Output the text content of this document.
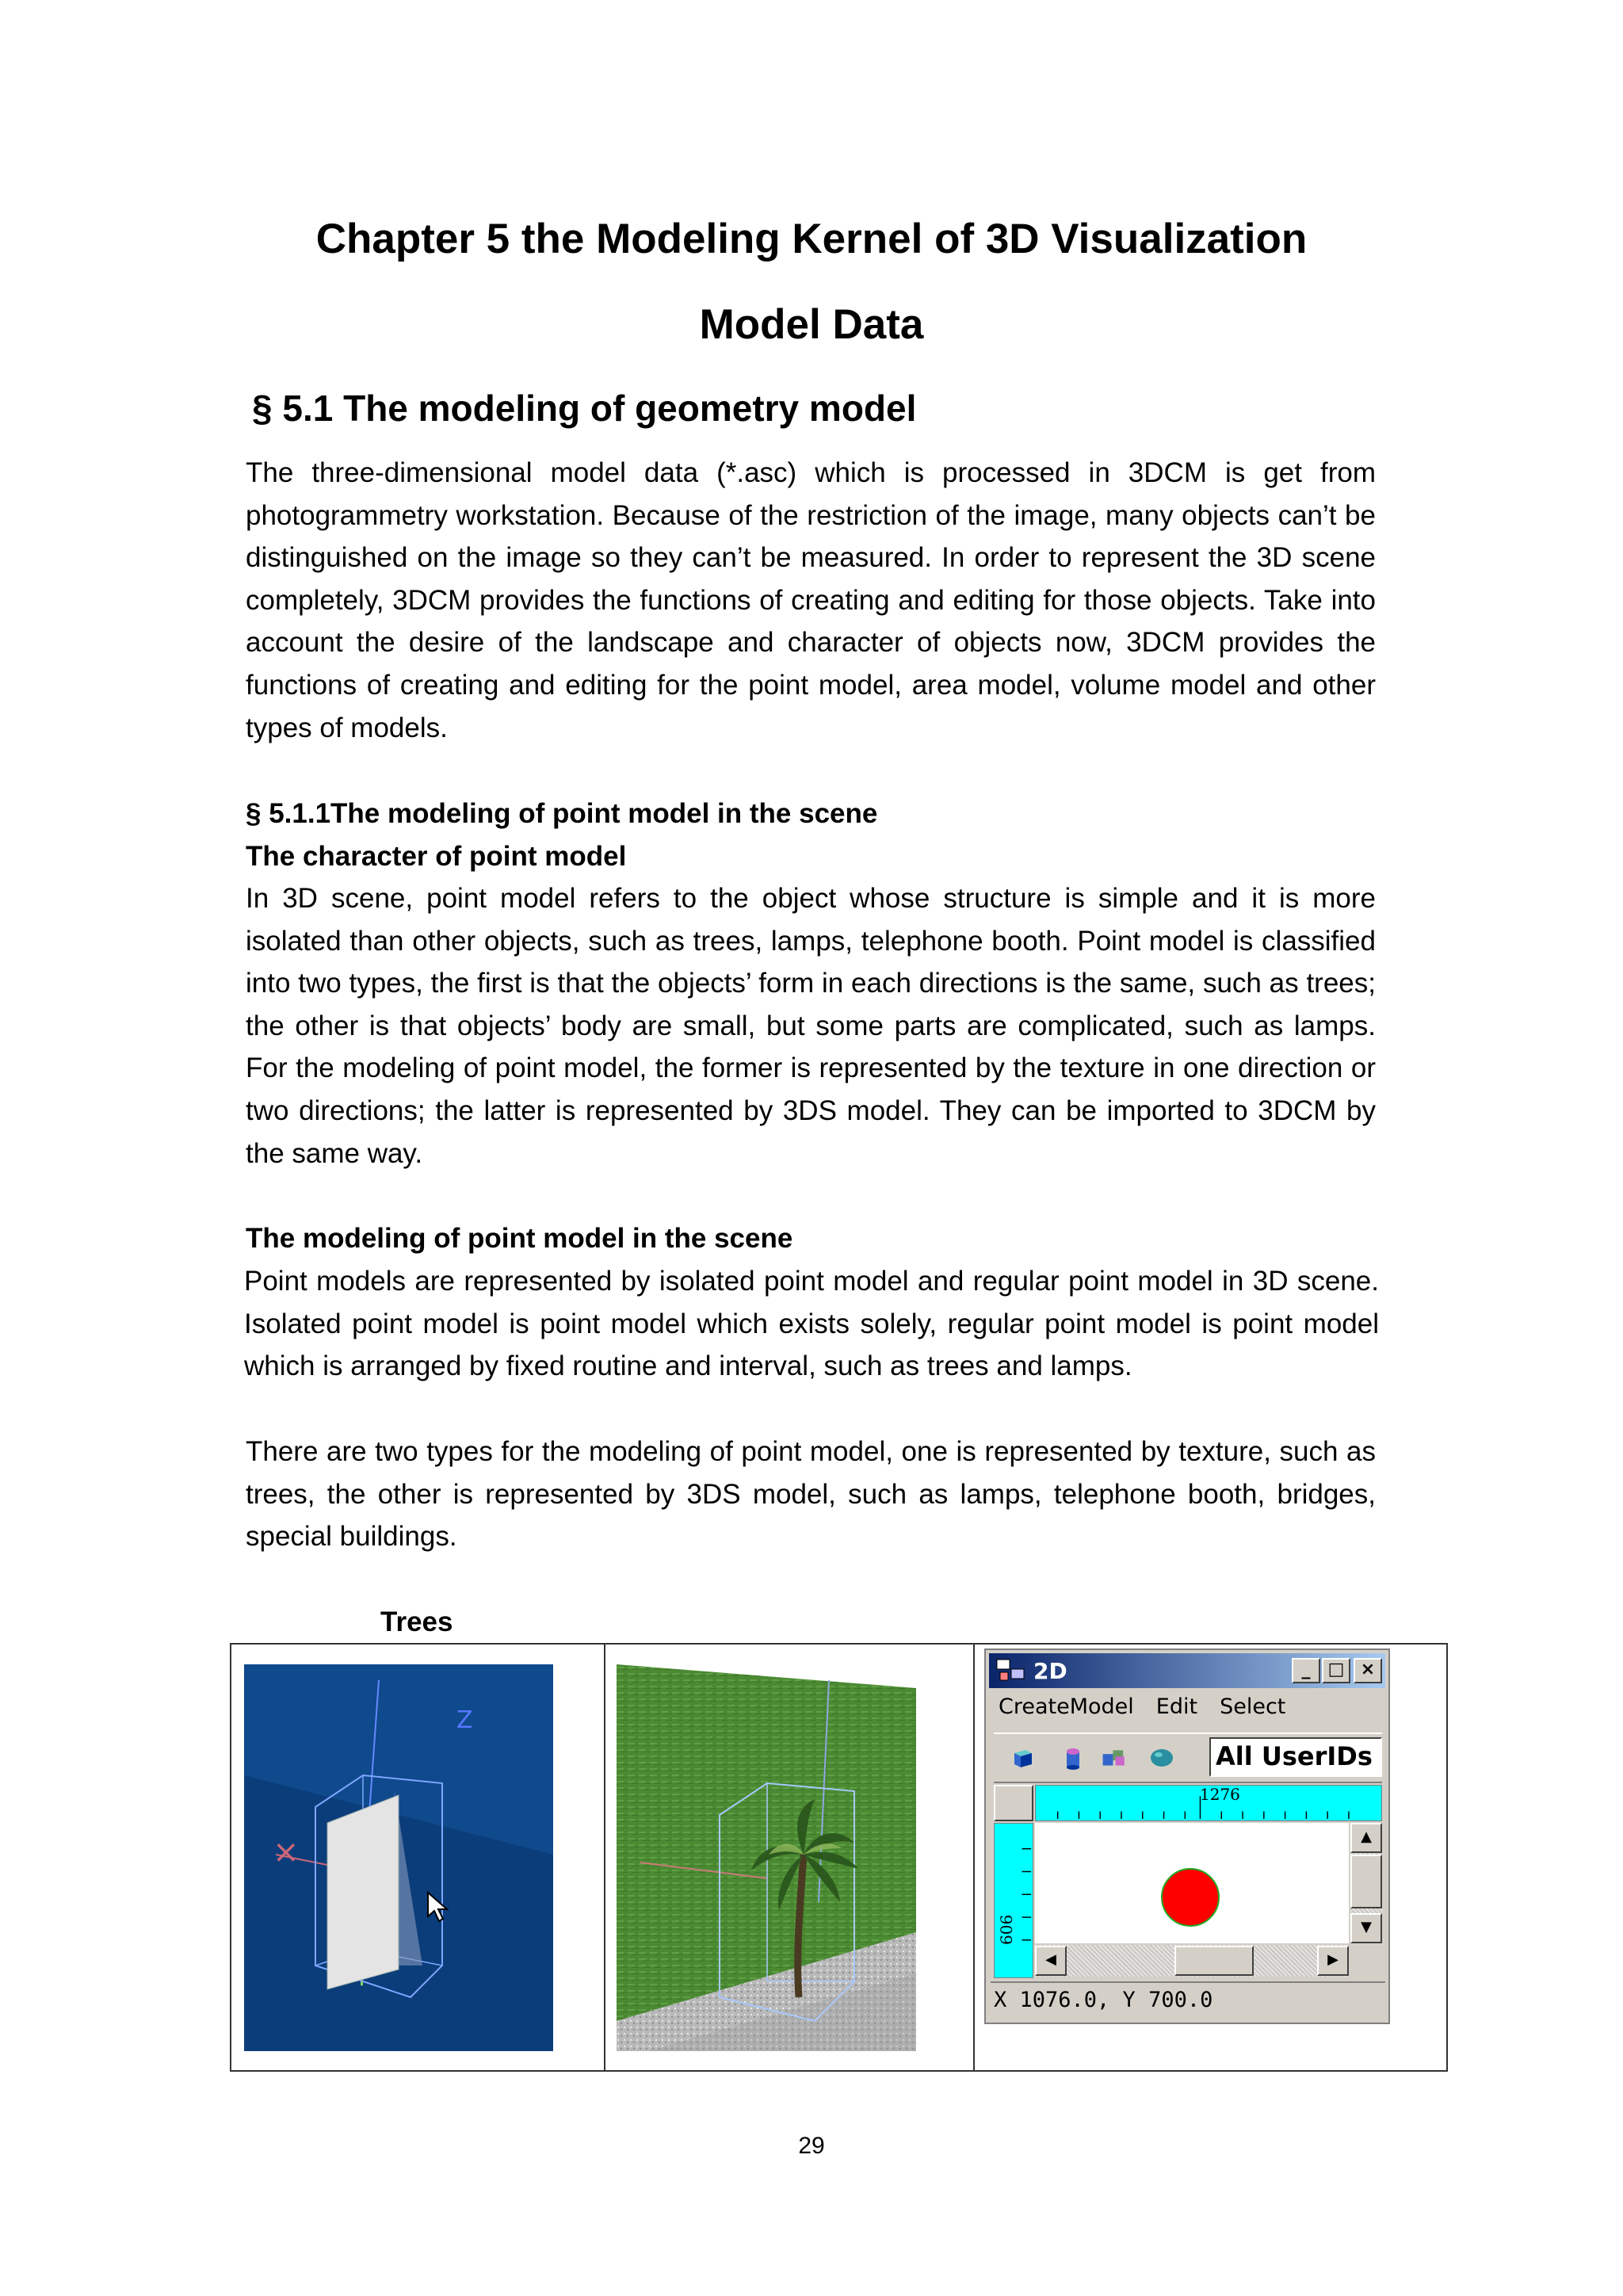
Chapter 5 the Modeling Kernel of 3D Visualization
Model Data
§ 5.1 The modeling of geometry model

The three-dimensional model data (*.asc) which is processed in 3DCM is get from photogrammetry workstation. Because of the restriction of the image, many objects can’t be distinguished on the image so they can’t be measured. In order to represent the 3D scene completely, 3DCM provides the functions of creating and editing for those objects. Take into account the desire of the landscape and character of objects now, 3DCM provides the functions of creating and editing for the point model, area model, volume model and other types of models.

§ 5.1.1The modeling of point model in the scene
The character of point model

In 3D scene, point model refers to the object whose structure is simple and it is more isolated than other objects, such as trees, lamps, telephone booth. Point model is classified into two types, the first is that the objects’ form in each directions is the same, such as trees; the other is that objects’ body are small, but some parts are complicated, such as lamps. For the modeling of point model, the former is represented by the texture in one direction or two directions; the latter is represented by 3DS model. They can be imported to 3DCM by the same way.

The modeling of point model in the scene

Point models are represented by isolated point model and regular point model in 3D scene. Isolated point model is point model which exists solely, regular point model is point model which is arranged by fixed routine and interval, such as trees and lamps.

There are two types for the modeling of point model, one is represented by texture, such as trees, the other is represented by 3DS model, such as lamps, telephone booth, bridges, special buildings.

Trees
Z
×
2D	_	□ ×
CreateModel Edit Select
All UserIDs
1276
606
▲
▼
◀	▶
X 1076.0, Y 700.0
29
